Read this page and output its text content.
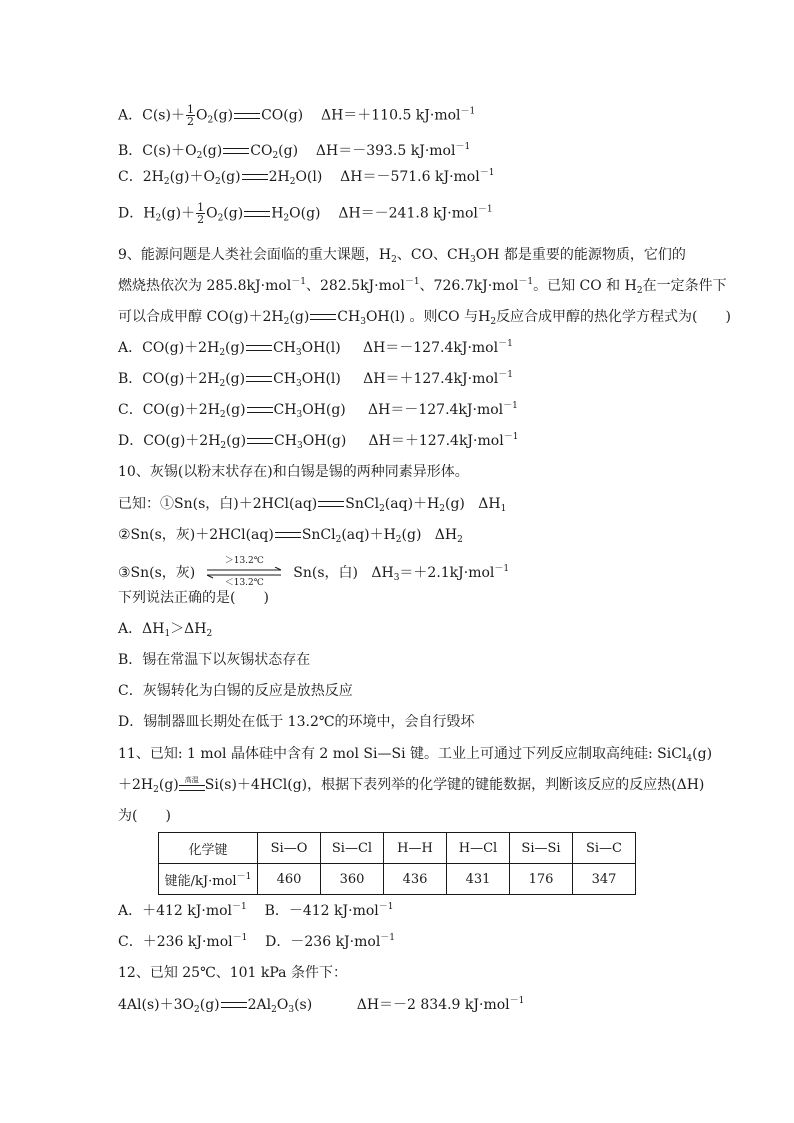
A．$C(s)+ \frac{1}{2} O_2(g)$ CO(g) ΔH＝＋110.5 kJ·mol$^{-1}$
B．$C(s)+O_2(g)$ $CO_2(g)$ ΔH＝－393.5 kJ·mol$^{-1}$
C．$2H_2(g)+O_2(g)$ $2H_2O(l)$ ΔH＝－571.6 kJ·mol$^{-1}$
D．$H_2(g)+ \frac{1}{2} O_2(g)$ $H_2O(g)$ ΔH＝－241.8 kJ·mol$^{-1}$
9、能源问题是人类社会面临的重大课题，$H_2$、CO、$CH_3OH$ 都是重要的能源物质，它们的
燃烧热依次为 285.8kJ·mol$^{-1}$、282.5kJ·mol$^{-1}$、726.7kJ·mol$^{-1}$。已知 CO 和 $H_2$在一定条件下
可以合成甲醇 $CO(g)+2H_2(g)$ $CH_3OH(l)$ 。则CO 与$H_2$反应合成甲醇的热化学方程式为(　　)
A．$CO(g)+2H_2(g)$ $CH_3OH(l)$ ΔH＝－127.4kJ·mol$^{-1}$
B．$CO(g)+2H_2(g)$ $CH_3OH(l)$ ΔH＝＋127.4kJ·mol$^{-1}$
C．$CO(g)+2H_2(g)$ $CH_3OH(g)$ ΔH＝－127.4kJ·mol$^{-1}$
D．$CO(g)+2H_2(g)$ $CH_3OH(g)$ ΔH＝＋127.4kJ·mol$^{-1}$
10、灰锡(以粉末状存在)和白锡是锡的两种同素异形体。
已知：①Sn(s，白)＋2HCl(aq) $SnCl_2(aq)+H_2(g)$ $\Delta H_1$
②Sn(s，灰)＋2HCl(aq) $SnCl_2(aq)+H_2(g)$ $\Delta H_2$
③Sn(s，灰)
＞13.2℃
＜13.2℃
Sn(s，白) $\Delta H_3=+2.1kJ\cdot mol^{-1}$
下列说法正确的是(　　)
A．$\Delta H_1>\Delta H_2$
B．锡在常温下以灰锡状态存在
C．灰锡转化为白锡的反应是放热反应
D．锡制器皿长期处在低于 13.2℃的环境中，会自行毁坏
11、已知: 1 mol 晶体硅中含有 2 mol Si—Si 键。工业上可通过下列反应制取高纯硅: SiCl$_4$(g)
$+2H_2(g)$ 高温 Si(s)＋4HCl(g)，根据下表列举的化学键的键能数据，判断该反应的反应热(ΔH)
为(　　)
化学键	Si—O	Si—Cl	H—H	H—Cl	Si—Si	Si—C
键能/kJ·mol$^{-1}$	460	360	436	431	176	347
A．＋412 kJ·mol$^{-1}$ B．－412 kJ·mol$^{-1}$
C．＋236 kJ·mol$^{-1}$ D．－236 kJ·mol$^{-1}$
12、已知 25℃、101 kPa 条件下：
$4Al(s)+3O_2(g)$ $2Al_2O_3(s)$	ΔH＝－2 834.9 kJ·mol$^{-1}$
